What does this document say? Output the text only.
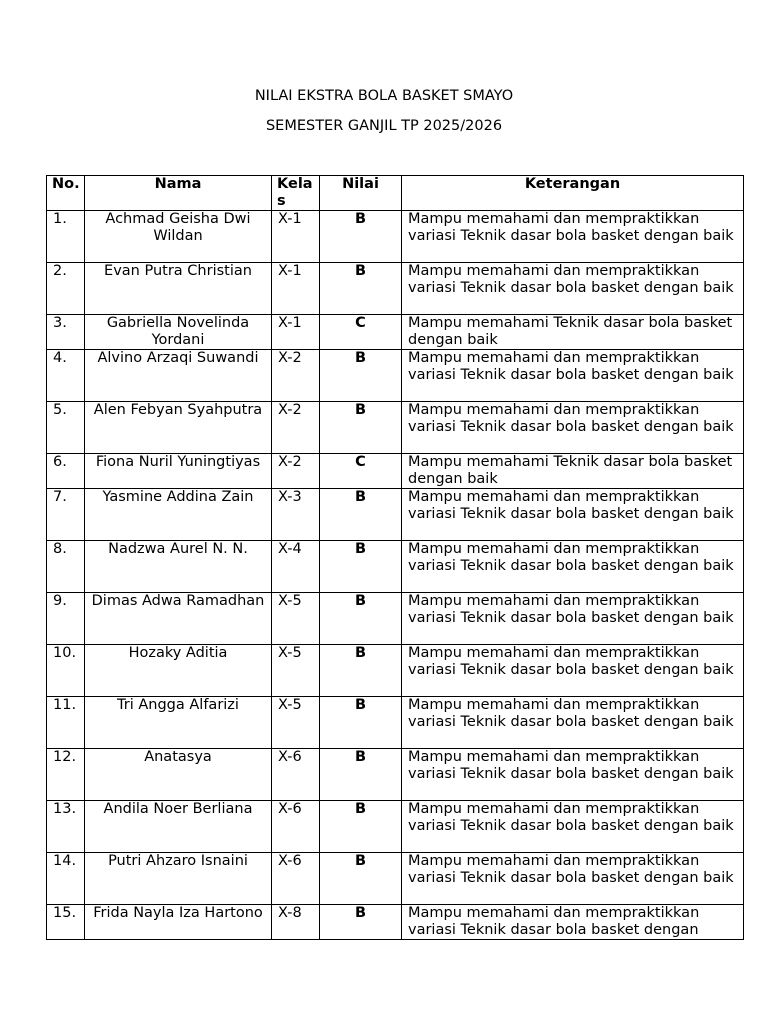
NILAI EKSTRA BOLA BASKET SMAYO
SEMESTER GANJIL TP 2025/2026
No.	Nama	Kelas	Nilai	Keterangan
1.	Achmad Geisha Dwi Wildan	X-1	B	Mampu memahami dan mempraktikkan variasi Teknik dasar bola basket dengan baik
2.	Evan Putra Christian	X-1	B	Mampu memahami dan mempraktikkan variasi Teknik dasar bola basket dengan baik
3.	Gabriella Novelinda Yordani	X-1	C	Mampu memahami Teknik dasar bola basket dengan baik
4.	Alvino Arzaqi Suwandi	X-2	B	Mampu memahami dan mempraktikkan variasi Teknik dasar bola basket dengan baik
5.	Alen Febyan Syahputra	X-2	B	Mampu memahami dan mempraktikkan variasi Teknik dasar bola basket dengan baik
6.	Fiona Nuril Yuningtiyas	X-2	C	Mampu memahami Teknik dasar bola basket dengan baik
7.	Yasmine Addina Zain	X-3	B	Mampu memahami dan mempraktikkan variasi Teknik dasar bola basket dengan baik
8.	Nadzwa Aurel N. N.	X-4	B	Mampu memahami dan mempraktikkan variasi Teknik dasar bola basket dengan baik
9.	Dimas Adwa Ramadhan	X-5	B	Mampu memahami dan mempraktikkan variasi Teknik dasar bola basket dengan baik
10.	Hozaky Aditia	X-5	B	Mampu memahami dan mempraktikkan variasi Teknik dasar bola basket dengan baik
11.	Tri Angga Alfarizi	X-5	B	Mampu memahami dan mempraktikkan variasi Teknik dasar bola basket dengan baik
12.	Anatasya	X-6	B	Mampu memahami dan mempraktikkan variasi Teknik dasar bola basket dengan baik
13.	Andila Noer Berliana	X-6	B	Mampu memahami dan mempraktikkan variasi Teknik dasar bola basket dengan baik
14.	Putri Ahzaro Isnaini	X-6	B	Mampu memahami dan mempraktikkan variasi Teknik dasar bola basket dengan baik
15.	Frida Nayla Iza Hartono	X-8	B	Mampu memahami dan mempraktikkan variasi Teknik dasar bola basket dengan
